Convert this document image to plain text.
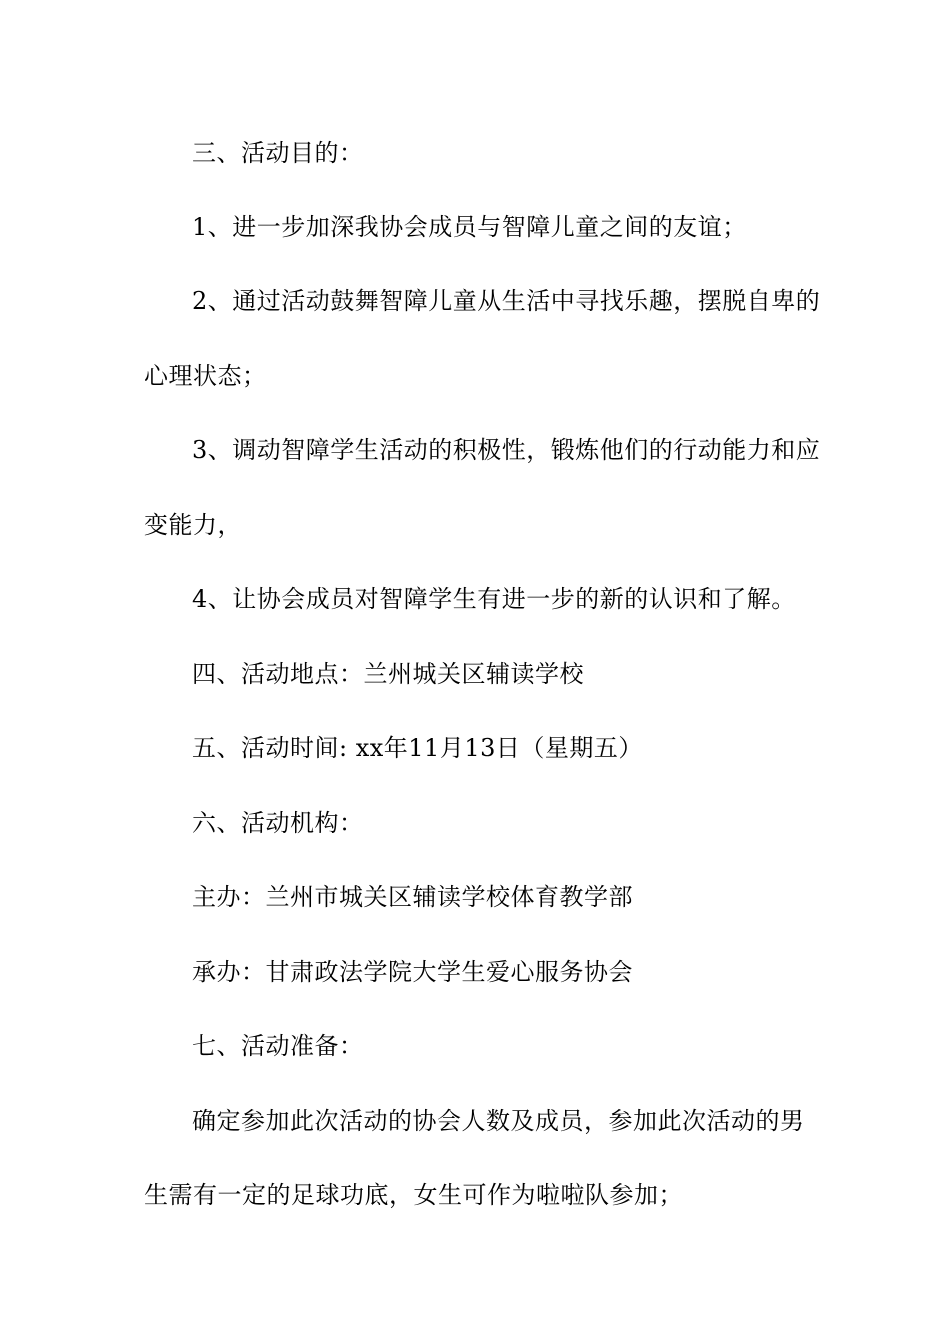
三、活动目的：
1、进一步加深我协会成员与智障儿童之间的友谊；
2、通过活动鼓舞智障儿童从生活中寻找乐趣，摆脱自卑的
心理状态；
3、调动智障学生活动的积极性，锻炼他们的行动能力和应
变能力，
4、让协会成员对智障学生有进一步的新的认识和了解。
四、活动地点：兰州城关区辅读学校
五、活动时间: xx年11月13日（星期五）
六、活动机构：
主办：兰州市城关区辅读学校体育教学部
承办：甘肃政法学院大学生爱心服务协会
七、活动准备：
确定参加此次活动的协会人数及成员，参加此次活动的男
生需有一定的足球功底，女生可作为啦啦队参加；
